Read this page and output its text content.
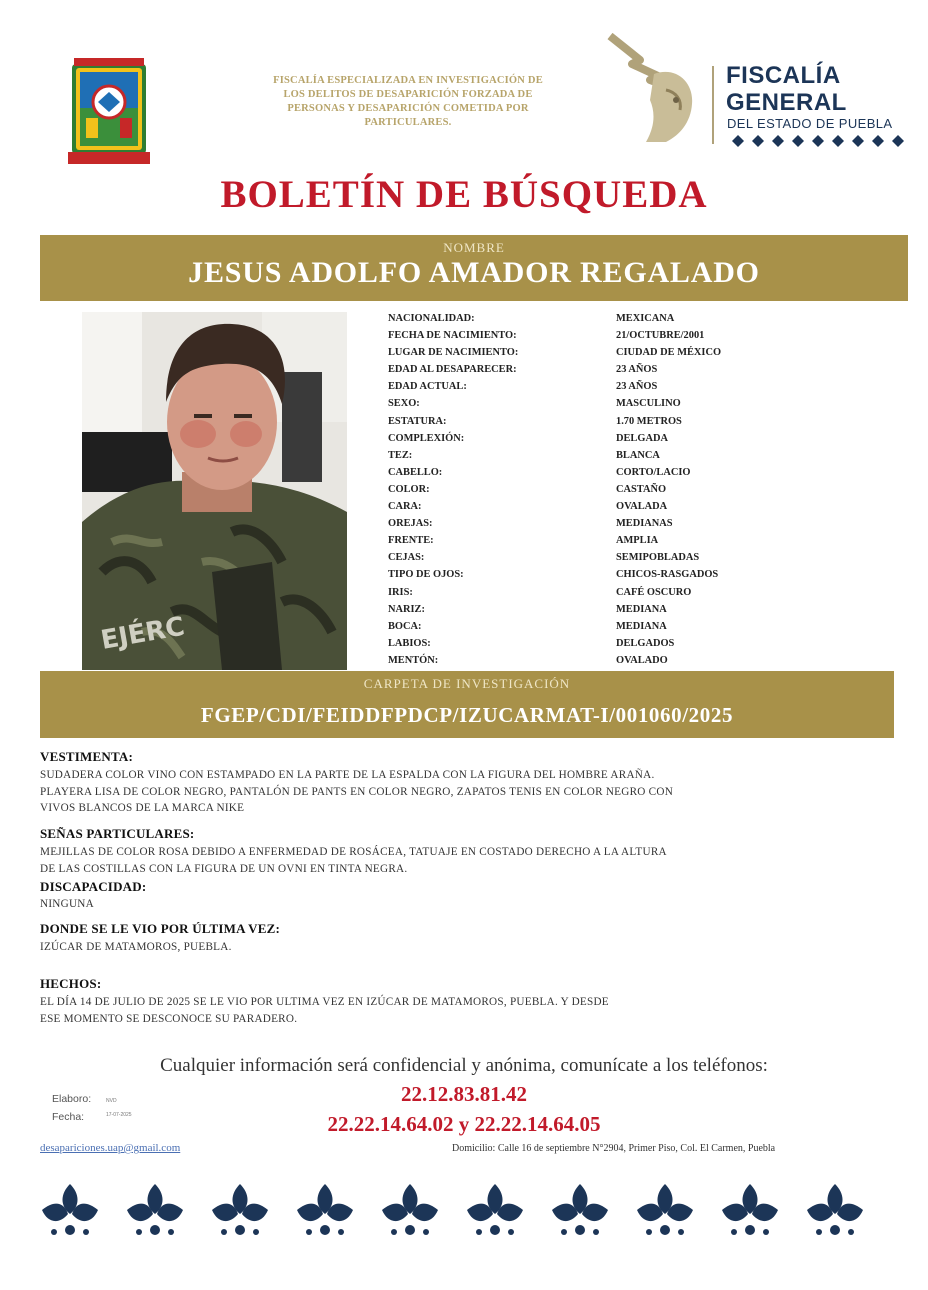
FISCALÍA ESPECIALIZADA EN INVESTIGACIÓN DE
LOS DELITOS DE DESAPARICIÓN FORZADA DE
PERSONAS Y DESAPARICIÓN COMETIDA POR
PARTICULARES.
FISCALÍA
GENERAL
DEL ESTADO DE PUEBLA
BOLETÍN DE BÚSQUEDA
NOMBRE
JESUS ADOLFO AMADOR REGALADO
EJÉRC
NACIONALIDAD:	MEXICANA
FECHA DE NACIMIENTO:	21/OCTUBRE/2001
LUGAR DE NACIMIENTO:	CIUDAD DE MÉXICO
EDAD AL DESAPARECER:	23 AÑOS
EDAD ACTUAL:	23 AÑOS
SEXO:	MASCULINO
ESTATURA:	1.70 METROS
COMPLEXIÓN:	DELGADA
TEZ:	BLANCA
CABELLO:	CORTO/LACIO
COLOR:	CASTAÑO
CARA:	OVALADA
OREJAS:	MEDIANAS
FRENTE:	AMPLIA
CEJAS:	SEMIPOBLADAS
TIPO DE OJOS:	CHICOS-RASGADOS
IRIS:	CAFÉ OSCURO
NARIZ:	MEDIANA
BOCA:	MEDIANA
LABIOS:	DELGADOS
MENTÓN:	OVALADO
CARPETA DE INVESTIGACIÓN
FGEP/CDI/FEIDDFPDCP/IZUCARMAT-I/001060/2025
VESTIMENTA:
SUDADERA COLOR VINO CON ESTAMPADO EN LA PARTE DE LA ESPALDA CON LA FIGURA DEL HOMBRE ARAÑA.
PLAYERA LISA DE COLOR NEGRO, PANTALÓN DE PANTS EN COLOR NEGRO, ZAPATOS TENIS EN COLOR NEGRO CON
VIVOS BLANCOS DE LA MARCA NIKE
SEÑAS PARTICULARES:
MEJILLAS DE COLOR ROSA DEBIDO A ENFERMEDAD DE ROSÁCEA, TATUAJE EN COSTADO DERECHO A LA ALTURA
DE LAS COSTILLAS CON LA FIGURA DE UN OVNI EN TINTA NEGRA.
DISCAPACIDAD:
NINGUNA
DONDE SE LE VIO POR ÚLTIMA VEZ:
IZÚCAR DE MATAMOROS, PUEBLA.
HECHOS:
EL DÍA 14 DE JULIO DE 2025 SE LE VIO POR ULTIMA VEZ EN IZÚCAR DE MATAMOROS, PUEBLA. Y DESDE
ESE MOMENTO SE DESCONOCE SU PARADERO.
Cualquier información será confidencial y anónima, comunícate a los teléfonos:
22.12.83.81.42
22.22.14.64.02 y 22.22.14.64.05
Elaboro:	NVD
Fecha:	17-07-2025
desapariciones.uap@gmail.com	Domicilio: Calle 16 de septiembre N°2904, Primer Piso, Col. El Carmen, Puebla
